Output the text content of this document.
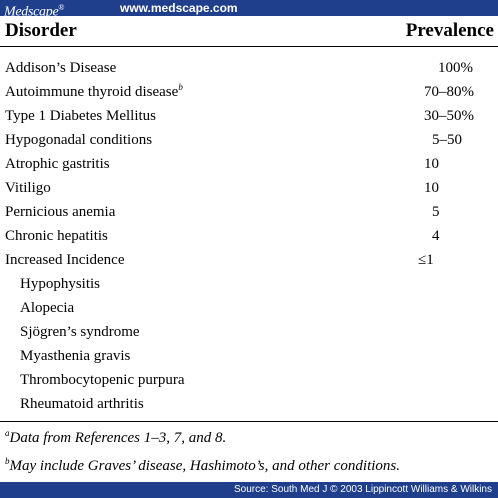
Medscape®	www.medscape.com
Disorder	Prevalence
Addison’s Disease	100%
Autoimmune thyroid disease$^b$	70–80%
Type 1 Diabetes Mellitus	30–50%
Hypogonadal conditions	5–50
Atrophic gastritis	10
Vitiligo	10
Pernicious anemia	5
Chronic hepatitis	4
Increased Incidence	≤1
Hypophysitis
Alopecia
Sjögren’s syndrome
Myasthenia gravis
Thrombocytopenic purpura
Rheumatoid arthritis
$^a$Data from References 1–3, 7, and 8.
$^b$May include Graves’ disease, Hashimoto’s, and other conditions.
Source: South Med J © 2003 Lippincott Williams & Wilkins
